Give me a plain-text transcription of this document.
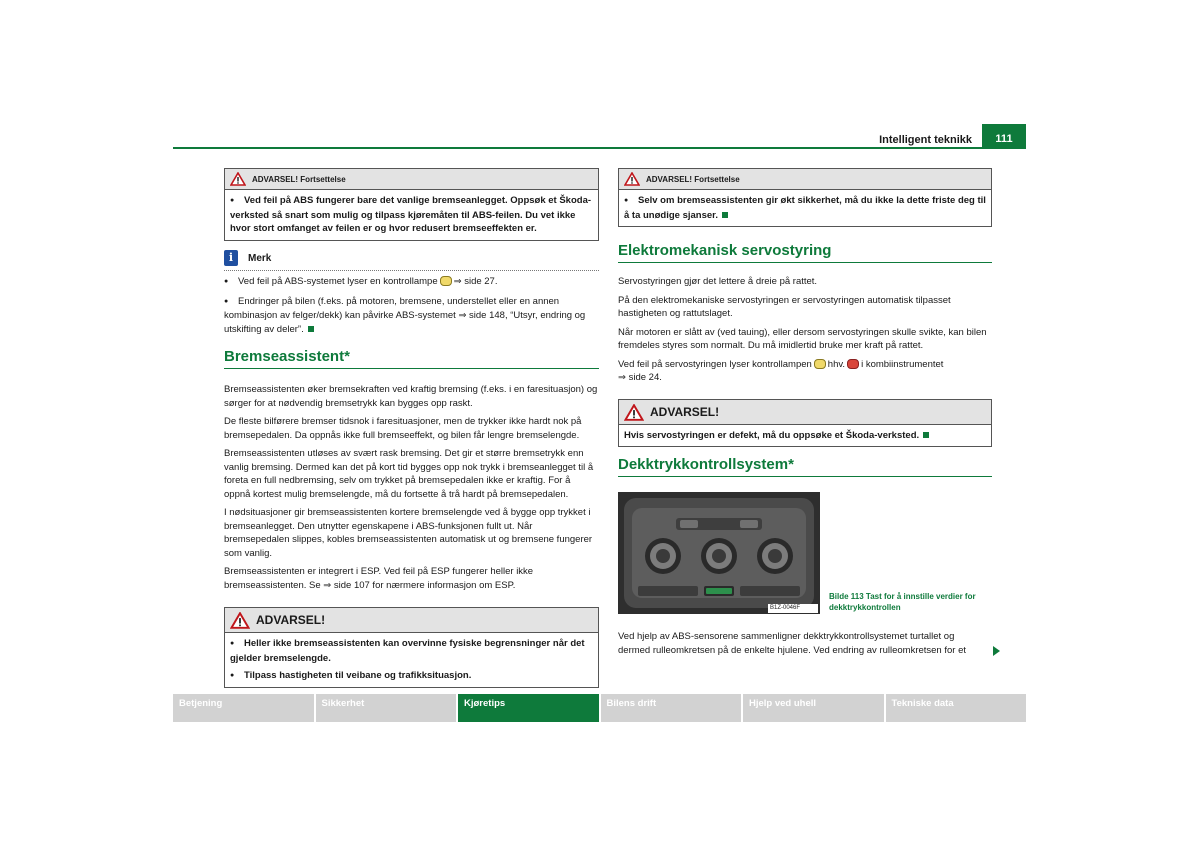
Intelligent teknikk	111
ADVARSEL! Fortsettelse

●Ved feil på ABS fungerer bare det vanlige bremseanlegget. Oppsøk et Škoda-verksted så snart som mulig og tilpass kjøremåten til ABS-feilen. Du vet ikke hvor stort omfanget av feilen er og hvor redusert bremseeffekten er.

i	Merk

●Ved feil på ABS-systemet lyser en kontrollampe ⇒ side 27.

●Endringer på bilen (f.eks. på motoren, bremsene, understellet eller en annen kombinasjon av felger/dekk) kan påvirke ABS-systemet ⇒ side 148, “Utsyr, endring og utskifting av deler”.

Bremseassistent*

Bremseassistenten øker bremsekraften ved kraftig bremsing (f.eks. i en faresituasjon) og sørger for at nødvendig bremsetrykk kan bygges opp raskt.

De fleste bilførere bremser tidsnok i faresituasjoner, men de trykker ikke hardt nok på bremsepedalen. Da oppnås ikke full bremseeffekt, og bilen får lengre bremselengde.

Bremseassistenten utløses av svært rask bremsing. Det gir et større bremsetrykk enn vanlig bremsing. Dermed kan det på kort tid bygges opp nok trykk i bremseanlegget til å foreta en full nedbremsing, selv om trykket på bremsepedalen ikke er kraftig. For å oppnå kortest mulig bremselengde, må du fortsette å trå hardt på bremsepedalen.

I nødsituasjoner gir bremseassistenten kortere bremselengde ved å bygge opp trykket i bremseanlegget. Den utnytter egenskapene i ABS-funksjonen fullt ut. Når bremsepedalen slippes, kobles bremseassistenten automatisk ut og bremsene fungerer som vanlig.

Bremseassistenten er integrert i ESP. Ved feil på ESP fungerer heller ikke bremseassistenten. Se ⇒ side 107 for nærmere informasjon om ESP.

ADVARSEL!

●Heller ikke bremseassistenten kan overvinne fysiske begrensninger når det gjelder bremselengde.

●Tilpass hastigheten til veibane og trafikksituasjon.

ADVARSEL! Fortsettelse

●Selv om bremseassistenten gir økt sikkerhet, må du ikke la dette friste deg til å ta unødige sjanser.

Elektromekanisk servostyring

Servostyringen gjør det lettere å dreie på rattet.

På den elektromekaniske servostyringen er servostyringen automatisk tilpasset hastigheten og rattutslaget.

Når motoren er slått av (ved tauing), eller dersom servostyringen skulle svikte, kan bilen fremdeles styres som normalt. Du må imidlertid bruke mer kraft på rattet.

Ved feil på servostyringen lyser kontrollampen hhv. i kombiinstrumentet
⇒ side 24.

ADVARSEL!

Hvis servostyringen er defekt, må du oppsøke et Škoda-verksted.

Dekktrykkontrollsystem*
B1Z-0046F
Bilde 113 Tast for å innstille verdier for dekktrykkontrollen
Ved hjelp av ABS-sensorene sammenligner dekktrykkontrollsystemet turtallet og dermed rulleomkretsen på de enkelte hjulene. Ved endring av rulleomkretsen for et
Betjening	Sikkerhet	Kjøretips	Bilens drift	Hjelp ved uhell	Tekniske data
